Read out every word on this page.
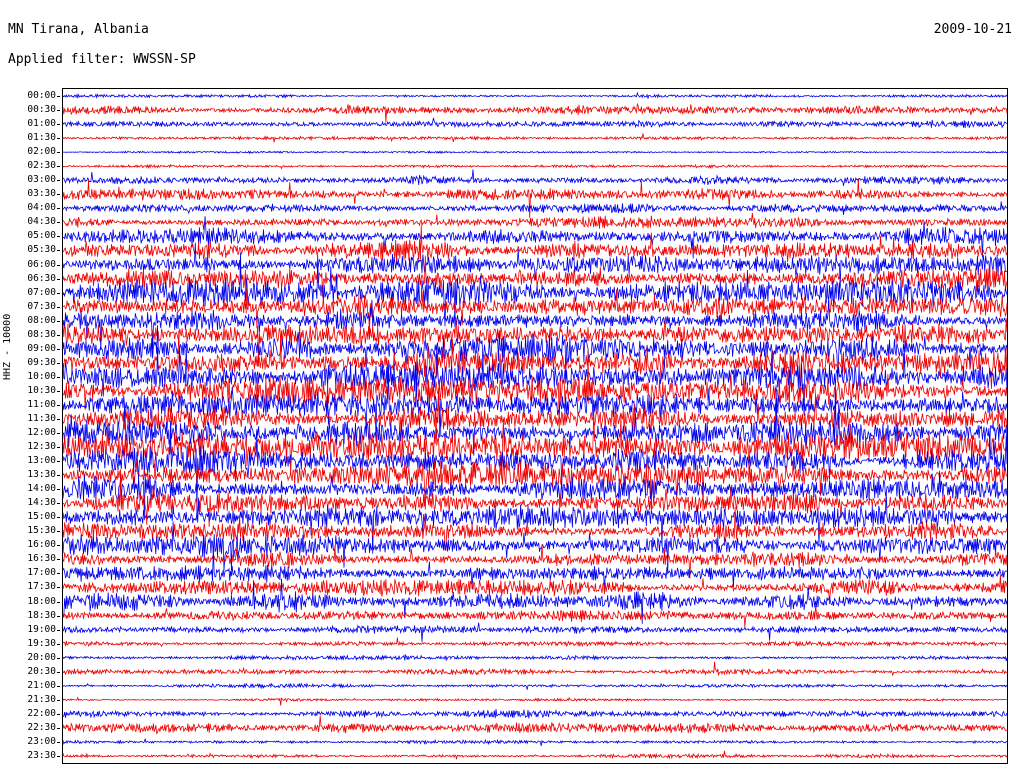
MN Tirana, Albania	2009-10-21
Applied filter: WWSSN-SP
HHZ - 10000
00:00
00:30
01:00
01:30
02:00
02:30
03:00
03:30
04:00
04:30
05:00
05:30
06:00
06:30
07:00
07:30
08:00
08:30
09:00
09:30
10:00
10:30
11:00
11:30
12:00
12:30
13:00
13:30
14:00
14:30
15:00
15:30
16:00
16:30
17:00
17:30
18:00
18:30
19:00
19:30
20:00
20:30
21:00
21:30
22:00
22:30
23:00
23:30
